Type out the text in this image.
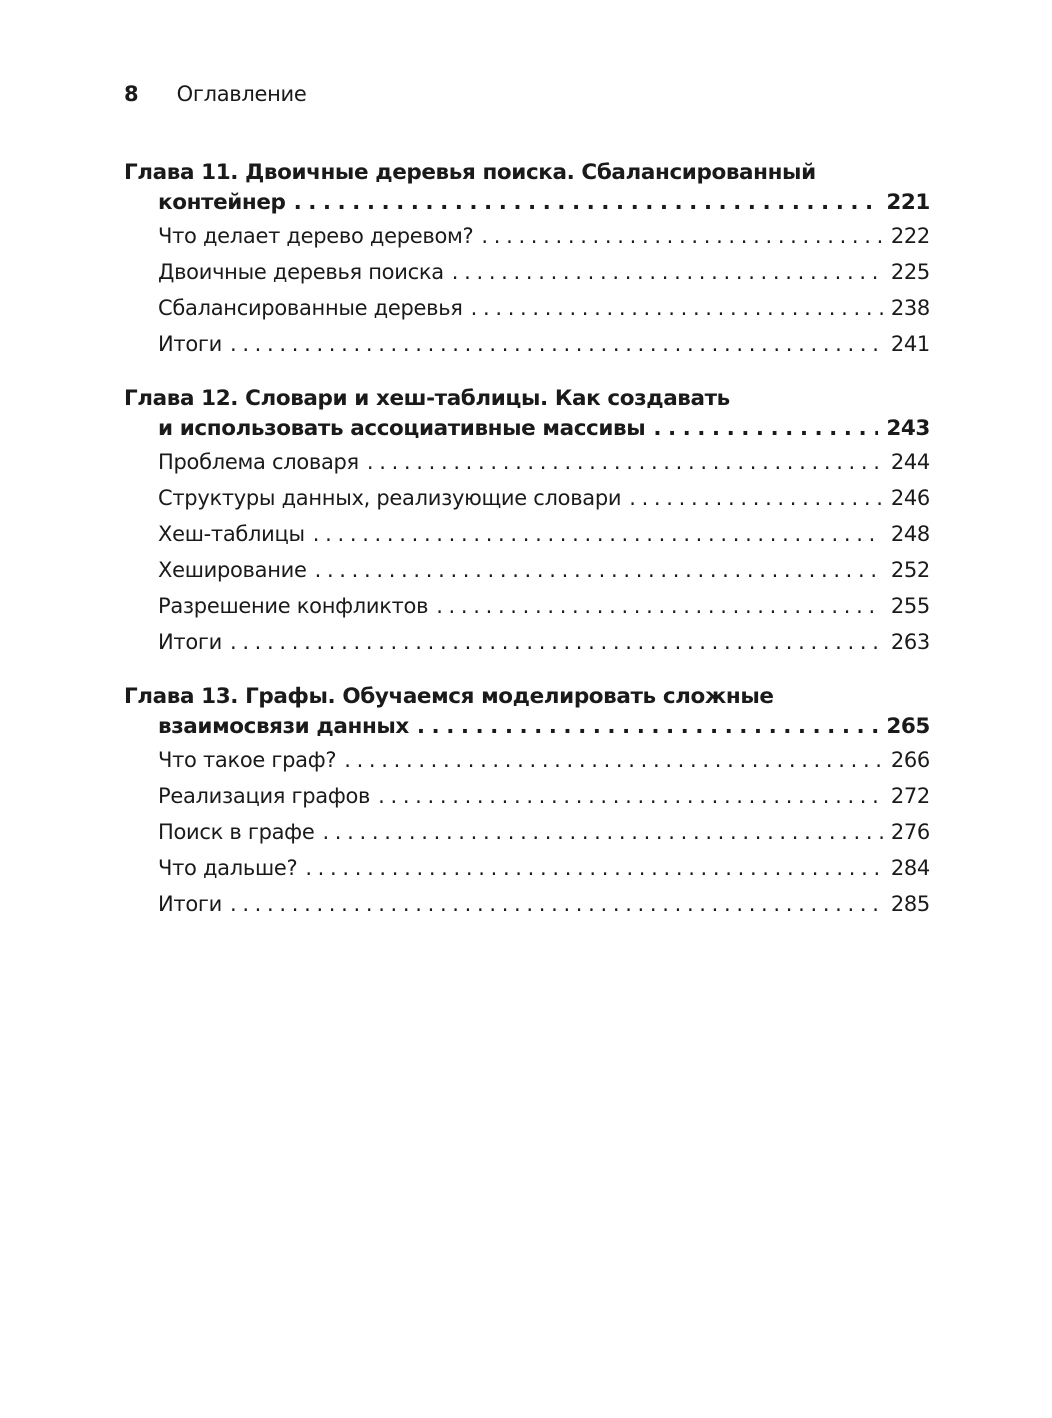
8 Оглавление
Глава 11. Двоичные деревья поиска. Сбалансированный
контейнер . . .	221
Что делает дерево деревом? . . .	222
Двоичные деревья поиска . . .	225
Сбалансированные деревья . . .	238
Итоги . . .	241
Глава 12. Словари и хеш-таблицы. Как создавать
и использовать ассоциативные массивы . . .	243
Проблема словаря . . .	244
Структуры данных, реализующие словари . . .	246
Хеш-таблицы . . .	248
Хеширование . . .	252
Разрешение конфликтов . . .	255
Итоги . . .	263
Глава 13. Графы. Обучаемся моделировать сложные
взаимосвязи данных . . .	265
Что такое граф? . . .	266
Реализация графов . . .	272
Поиск в графе . . .	276
Что дальше? . . .	284
Итоги . . .	285
